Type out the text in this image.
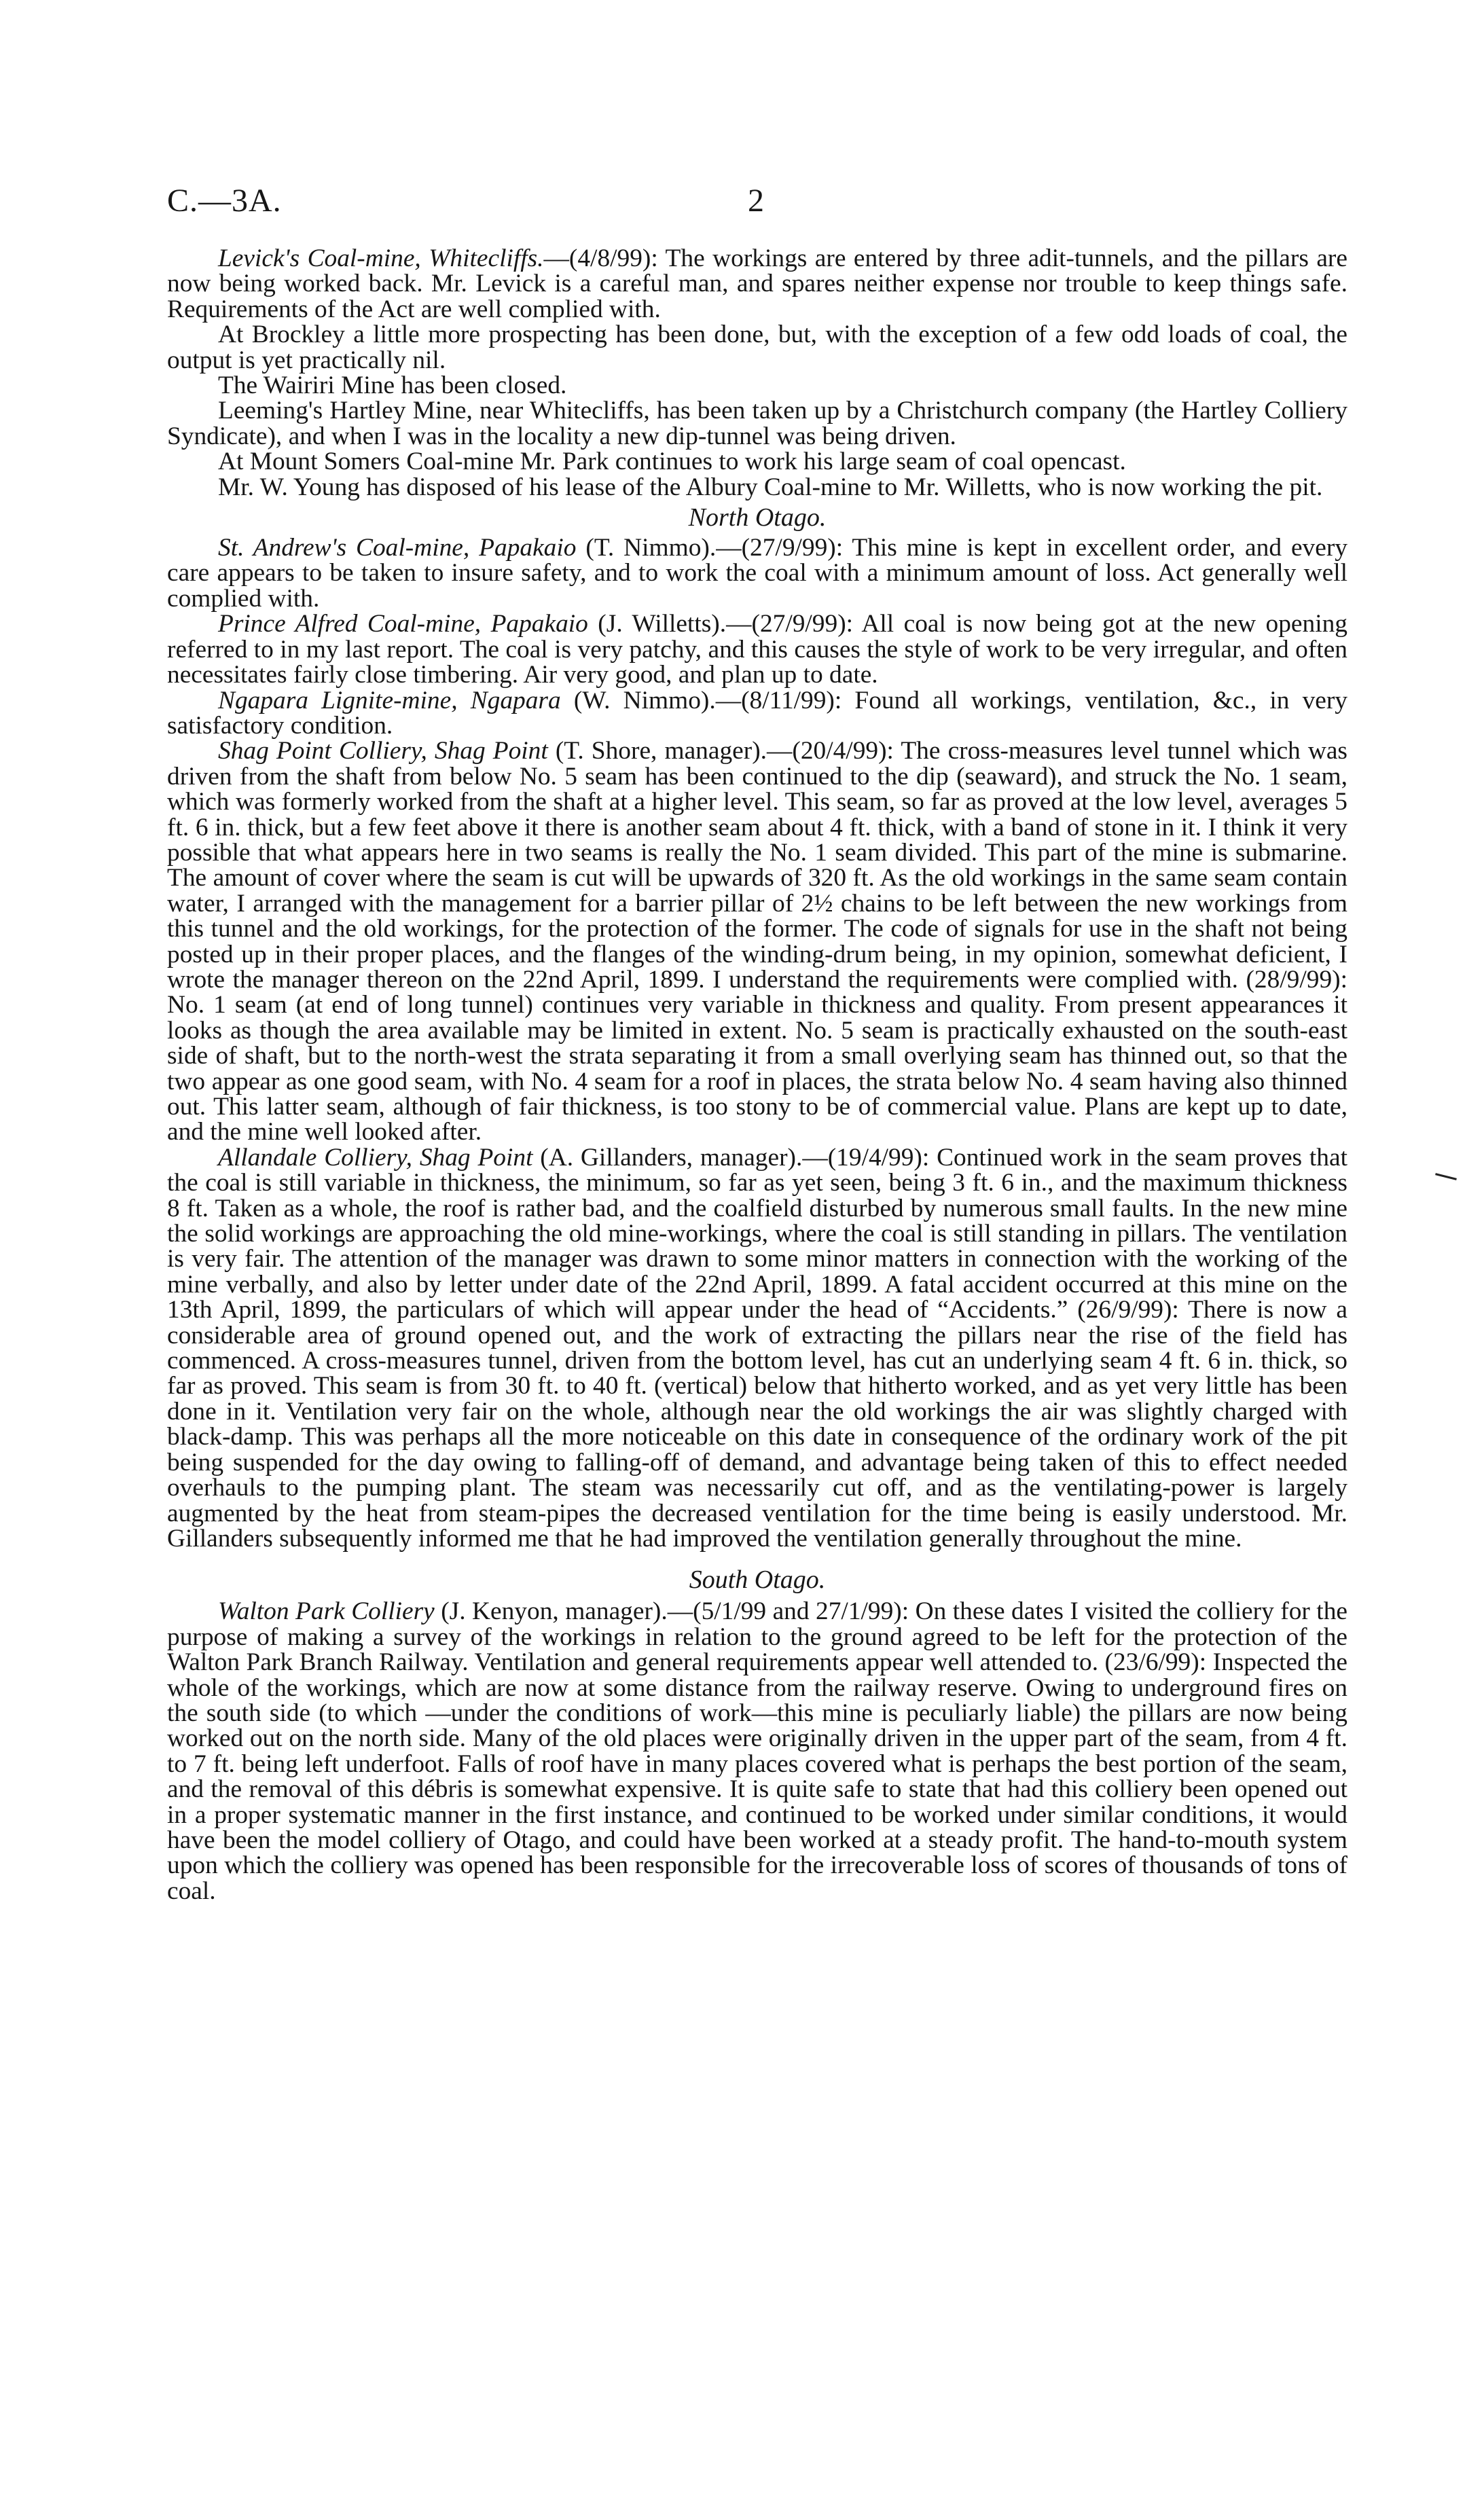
C.—3A.	2

Levick's Coal-mine, Whitecliffs.—(4/8/99): The workings are entered by three adit-tunnels, and the pillars are now being worked back. Mr. Levick is a careful man, and spares neither expense nor trouble to keep things safe. Requirements of the Act are well complied with.

At Brockley a little more prospecting has been done, but, with the exception of a few odd loads of coal, the output is yet practically nil.

The Wairiri Mine has been closed.

Leeming's Hartley Mine, near Whitecliffs, has been taken up by a Christchurch company (the Hartley Colliery Syndicate), and when I was in the locality a new dip-tunnel was being driven.

At Mount Somers Coal-mine Mr. Park continues to work his large seam of coal opencast.

Mr. W. Young has disposed of his lease of the Albury Coal-mine to Mr. Willetts, who is now working the pit.

North Otago.

St. Andrew's Coal-mine, Papakaio (T. Nimmo).—(27/9/99): This mine is kept in excellent order, and every care appears to be taken to insure safety, and to work the coal with a minimum amount of loss. Act generally well complied with.

Prince Alfred Coal-mine, Papakaio (J. Willetts).—(27/9/99): All coal is now being got at the new opening referred to in my last report. The coal is very patchy, and this causes the style of work to be very irregular, and often necessitates fairly close timbering. Air very good, and plan up to date.

Ngapara Lignite-mine, Ngapara (W. Nimmo).—(8/11/99): Found all workings, ventilation, &c., in very satisfactory condition.

Shag Point Colliery, Shag Point (T. Shore, manager).—(20/4/99): The cross-measures level tunnel which was driven from the shaft from below No. 5 seam has been continued to the dip (seaward), and struck the No. 1 seam, which was formerly worked from the shaft at a higher level. This seam, so far as proved at the low level, averages 5 ft. 6 in. thick, but a few feet above it there is another seam about 4 ft. thick, with a band of stone in it. I think it very possible that what appears here in two seams is really the No. 1 seam divided. This part of the mine is submarine. The amount of cover where the seam is cut will be upwards of 320 ft. As the old workings in the same seam contain water, I arranged with the management for a barrier pillar of 2½ chains to be left between the new workings from this tunnel and the old workings, for the protection of the former. The code of signals for use in the shaft not being posted up in their proper places, and the flanges of the winding-drum being, in my opinion, somewhat deficient, I wrote the manager thereon on the 22nd April, 1899. I understand the requirements were complied with. (28/9/99): No. 1 seam (at end of long tunnel) continues very variable in thickness and quality. From present appearances it looks as though the area available may be limited in extent. No. 5 seam is practically exhausted on the south-east side of shaft, but to the north-west the strata separating it from a small overlying seam has thinned out, so that the two appear as one good seam, with No. 4 seam for a roof in places, the strata below No. 4 seam having also thinned out. This latter seam, although of fair thickness, is too stony to be of commercial value. Plans are kept up to date, and the mine well looked after.

Allandale Colliery, Shag Point (A. Gillanders, manager).—(19/4/99): Continued work in the seam proves that the coal is still variable in thickness, the minimum, so far as yet seen, being 3 ft. 6 in., and the maximum thickness 8 ft. Taken as a whole, the roof is rather bad, and the coalfield disturbed by numerous small faults. In the new mine the solid workings are approaching the old mine-workings, where the coal is still standing in pillars. The ventilation is very fair. The attention of the manager was drawn to some minor matters in connection with the working of the mine verbally, and also by letter under date of the 22nd April, 1899. A fatal accident occurred at this mine on the 13th April, 1899, the particulars of which will appear under the head of “Accidents.” (26/9/99): There is now a considerable area of ground opened out, and the work of extracting the pillars near the rise of the field has commenced. A cross-measures tunnel, driven from the bottom level, has cut an underlying seam 4 ft. 6 in. thick, so far as proved. This seam is from 30 ft. to 40 ft. (vertical) below that hitherto worked, and as yet very little has been done in it. Ventilation very fair on the whole, although near the old workings the air was slightly charged with black-damp. This was perhaps all the more noticeable on this date in consequence of the ordinary work of the pit being suspended for the day owing to falling-off of demand, and advantage being taken of this to effect needed overhauls to the pumping plant. The steam was necessarily cut off, and as the ventilating-power is largely augmented by the heat from steam-pipes the decreased ventilation for the time being is easily understood. Mr. Gillanders subsequently informed me that he had improved the ventilation generally throughout the mine.

South Otago.

Walton Park Colliery (J. Kenyon, manager).—(5/1/99 and 27/1/99): On these dates I visited the colliery for the purpose of making a survey of the workings in relation to the ground agreed to be left for the protection of the Walton Park Branch Railway. Ventilation and general requirements appear well attended to. (23/6/99): Inspected the whole of the workings, which are now at some distance from the railway reserve. Owing to underground fires on the south side (to which —under the conditions of work—this mine is peculiarly liable) the pillars are now being worked out on the north side. Many of the old places were originally driven in the upper part of the seam, from 4 ft. to 7 ft. being left underfoot. Falls of roof have in many places covered what is perhaps the best portion of the seam, and the removal of this débris is somewhat expensive. It is quite safe to state that had this colliery been opened out in a proper systematic manner in the first instance, and continued to be worked under similar conditions, it would have been the model colliery of Otago, and could have been worked at a steady profit. The hand-to-mouth system upon which the colliery was opened has been responsible for the irrecoverable loss of scores of thousands of tons of coal.
